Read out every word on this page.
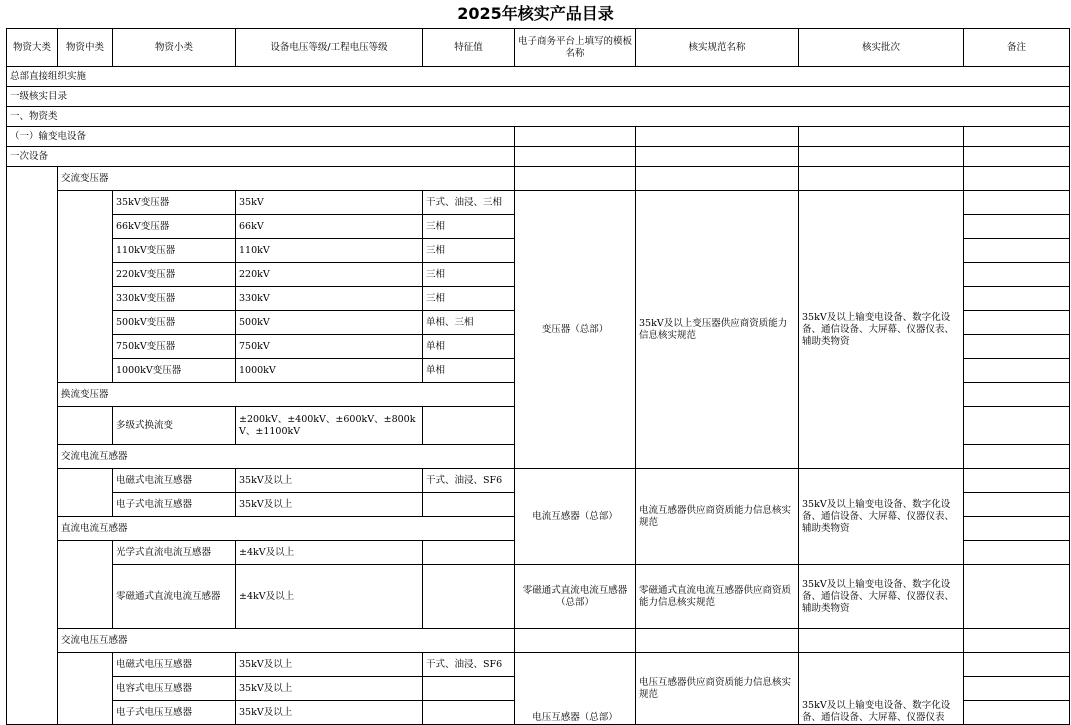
2025年核实产品目录
物资大类	物资中类	物资小类	设备电压等级/工程电压等级	特征值	电子商务平台上填写的模板名称	核实规范名称	核实批次	备注	
总部直接组织实施									
一级核实目录									
一、物资类									
（一）输变电设备									
一次设备									
	交流变压器								
		35kV变压器	35kV	干式、油浸、三相	变压器（总部）	35kV及以上变压器供应商资质能力信息核实规范	35kV及以上输变电设备、数字化设备、通信设备、大屏幕、仪器仪表、辅助类物资		
		66kV变压器	66kV	三相					
		110kV变压器	110kV	三相					
		220kV变压器	220kV	三相					
		330kV变压器	330kV	三相					
		500kV变压器	500kV	单相、三相					
		750kV变压器	750kV	单相					
		1000kV变压器	1000kV	单相					
	换流变压器								
		多级式换流变	±200kV、±400kV、±600kV、±800kV、±1100kV						
	交流电流互感器								
		电磁式电流互感器	35kV及以上	干式、油浸、SF6	电流互感器（总部）	电流互感器供应商资质能力信息核实规范	35kV及以上输变电设备、数字化设备、通信设备、大屏幕、仪器仪表、辅助类物资		
		电子式电流互感器	35kV及以上						
	直流电流互感器								
		光学式直流电流互感器	±4kV及以上						
		零磁通式直流电流互感器	±4kV及以上		零磁通式直流电流互感器（总部）	零磁通式直流电流互感器供应商资质能力信息核实规范	35kV及以上输变电设备、数字化设备、通信设备、大屏幕、仪器仪表、辅助类物资		
	交流电压互感器								
		电磁式电压互感器	35kV及以上	干式、油浸、SF6	电压互感器（总部）	电压互感器供应商资质能力信息核实规范	35kV及以上输变电设备、数字化设备、通信设备、大屏幕、仪器仪表		
		电容式电压互感器	35kV及以上						
		电子式电压互感器	35kV及以上						
